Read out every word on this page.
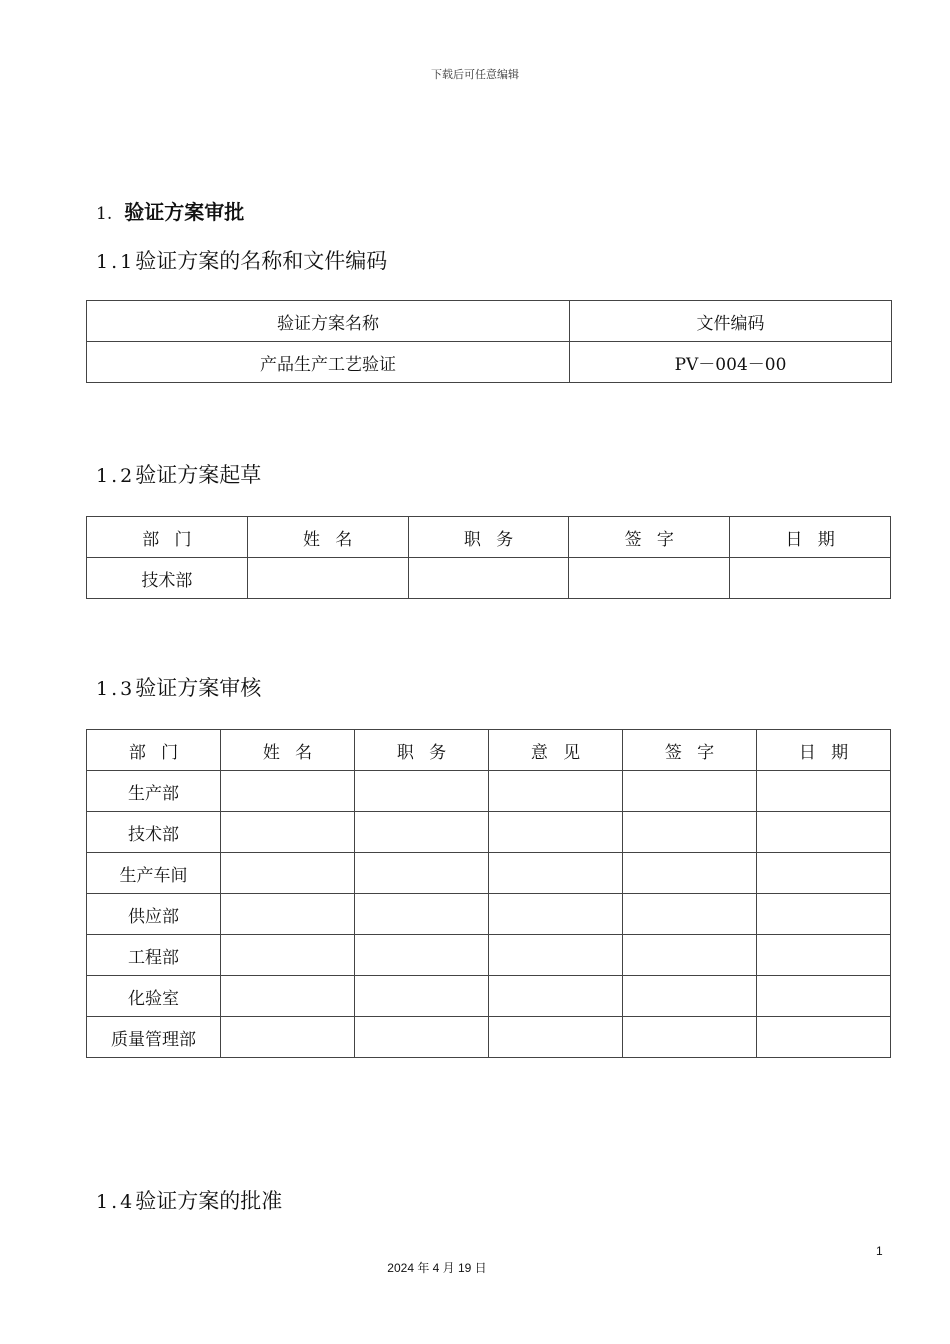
下载后可任意编辑
1. 验证方案审批
1.1验证方案的名称和文件编码
验证方案名称	文件编码
产品生产工艺验证	PV－004－00
1.2验证方案起草
部门	姓名	职务	签字	日期
技术部				
1.3验证方案审核
部门	姓名	职务	意见	签字	日期
生产部					
技术部					
生产车间					
供应部					
工程部					
化验室					
质量管理部					
1.4验证方案的批准
1
2024 年 4 月 19 日
